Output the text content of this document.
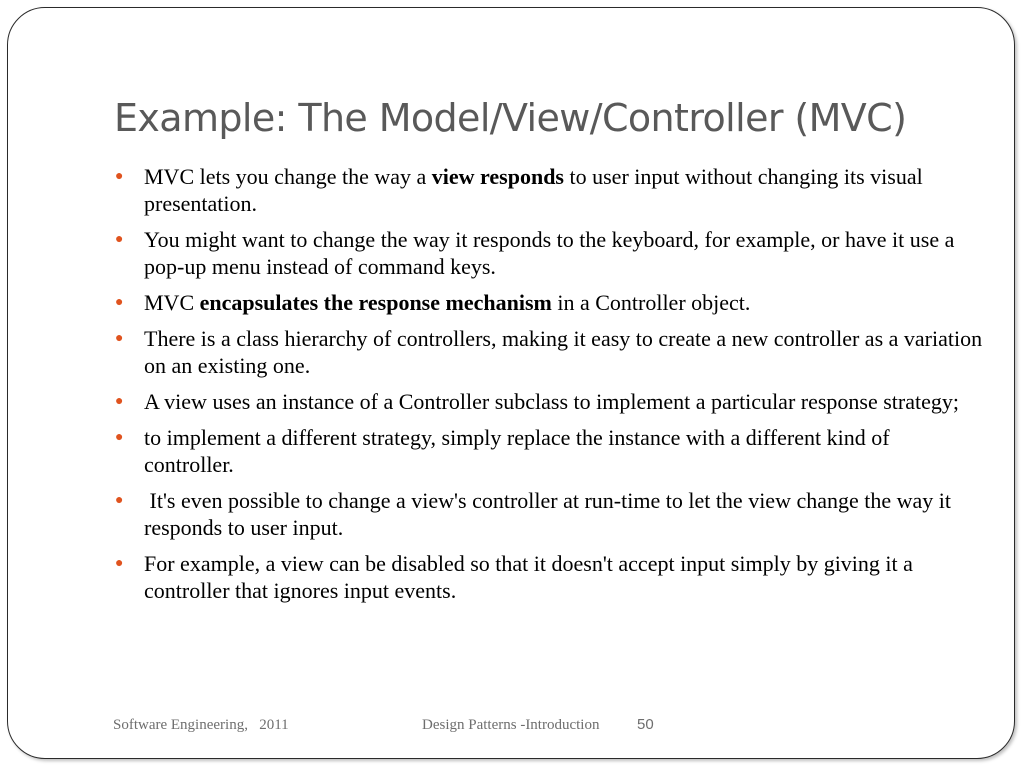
Example: The Model/View/Controller (MVC)
● MVC lets you change the way a view responds to user input without changing its visual presentation.
● You might want to change the way it responds to the keyboard, for example, or have it use a pop-up menu instead of command keys.
● MVC encapsulates the response mechanism in a Controller object.
● There is a class hierarchy of controllers, making it easy to create a new controller as a variation on an existing one.
● A view uses an instance of a Controller subclass to implement a particular response strategy;
● to implement a different strategy, simply replace the instance with a different kind of controller.
● It's even possible to change a view's controller at run-time to let the view change the way it responds to user input.
● For example, a view can be disabled so that it doesn't accept input simply by giving it a controller that ignores input events.
Software Engineering,   2011	Design Patterns -Introduction	50
